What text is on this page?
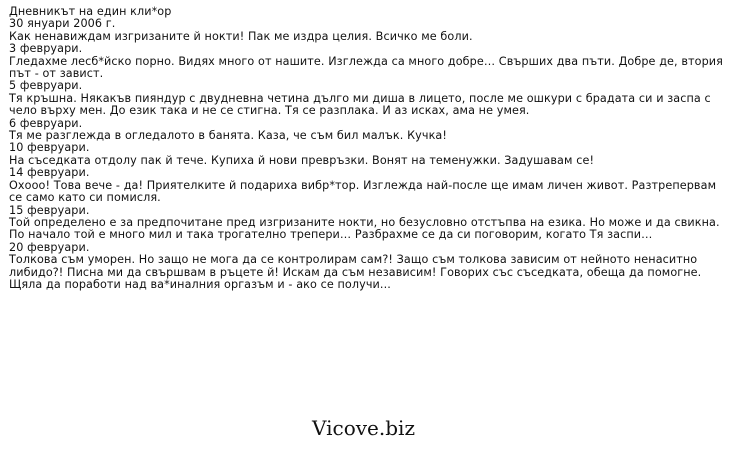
Дневникът на един кли*ор
30 януари 2006 г.
Как ненавиждам изгризаните й нокти! Пак ме издра целия. Всичко ме боли.
3 февруари.
Гледахме лесб*йско порно. Видях много от нашите. Изглежда са много добре… Свърших два пъти. Добре де, втория път - от завист.
5 февруари.
Тя кръшна. Някакъв пияндур с двудневна четина дълго ми диша в лицето, после ме ошкури с брадата си и заспа с чело върху мен. До език така и не се стигна. Тя се разплака. И аз исках, ама не умея.
6 февруари.
Тя ме разглежда в огледалото в банята. Каза, че съм бил малък. Кучка!
10 февруари.
На съседката отдолу пак й тече. Купиха й нови превръзки. Вонят на теменужки. Задушавам се!
14 февруари.
Охооо! Това вече - да! Приятелките й подариха вибр*тор. Изглежда най-после ще имам личен живот. Разтрепервам се само като си помисля.
15 февруари.
Той определено е за предпочитане пред изгризаните нокти, но безусловно отстъпва на езика. Но може и да свикна. По начало той е много мил и така трогателно трепери… Разбрахме се да си поговорим, когато Тя заспи…
20 февруари.
Толкова съм уморен. Но защо не мога да се контролирам сам?! Защо съм толкова зависим от нейното ненаситно либидо?! Писна ми да свършвам в ръцете й! Искам да съм независим! Говорих със съседката, обеща да помогне. Щяла да поработи над ва*иналния оргазъм и - ако се получи...
Vicove.biz
